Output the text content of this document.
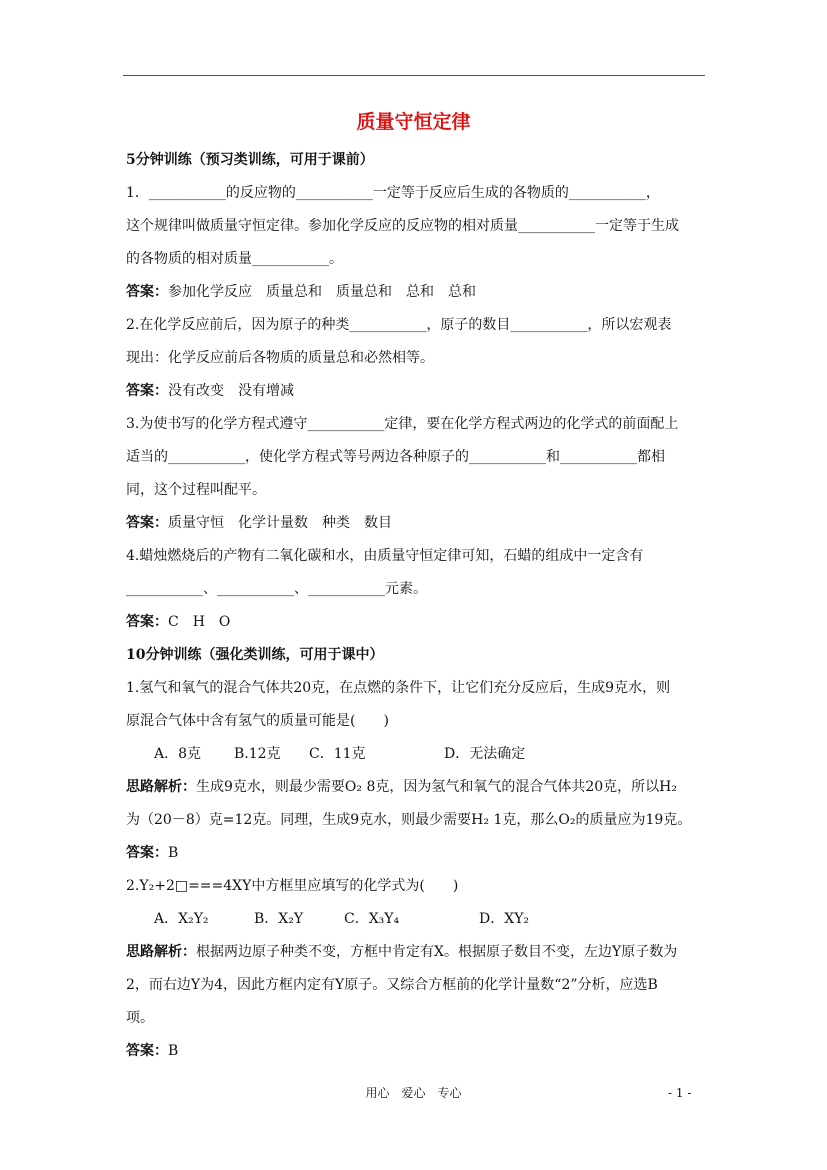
质量守恒定律
5分钟训练（预习类训练，可用于课前）
1．___________的反应物的___________一定等于反应后生成的各物质的___________，
这个规律叫做质量守恒定律。参加化学反应的反应物的相对质量___________一定等于生成
的各物质的相对质量___________。
答案：参加化学反应　质量总和　质量总和　总和　总和
2.在化学反应前后，因为原子的种类___________，原子的数目___________，所以宏观表
现出：化学反应前后各物质的质量总和必然相等。
答案：没有改变　没有增减
3.为使书写的化学方程式遵守___________定律，要在化学方程式两边的化学式的前面配上
适当的___________，使化学方程式等号两边各种原子的___________和___________都相
同，这个过程叫配平。
答案：质量守恒　化学计量数　种类　数目
4.蜡烛燃烧后的产物有二氧化碳和水，由质量守恒定律可知，石蜡的组成中一定含有
___________、___________、___________元素。
答案：C　H　O
10分钟训练（强化类训练，可用于课中）
1.氢气和氧气的混合气体共20克，在点燃的条件下，让它们充分反应后，生成9克水，则
原混合气体中含有氢气的质量可能是(　　)
A．8克 B.12克 C．11克	D．无法确定
思路解析：生成9克水，则最少需要O₂ 8克，因为氢气和氧气的混合气体共20克，所以H₂
为（20－8）克=12克。同理，生成9克水，则最少需要H₂ 1克，那么O₂的质量应为19克。
答案：B
2.Y₂+2□===4XY中方框里应填写的化学式为(　　)
A．X₂Y₂	B．X₂Y	C．X₃Y₄	D．XY₂
思路解析：根据两边原子种类不变，方框中肯定有X。根据原子数目不变，左边Y原子数为
2，而右边Y为4，因此方框内定有Y原子。又综合方框前的化学计量数“2”分析，应选B
项。
答案：B
用心　爱心　专心	- 1 -
